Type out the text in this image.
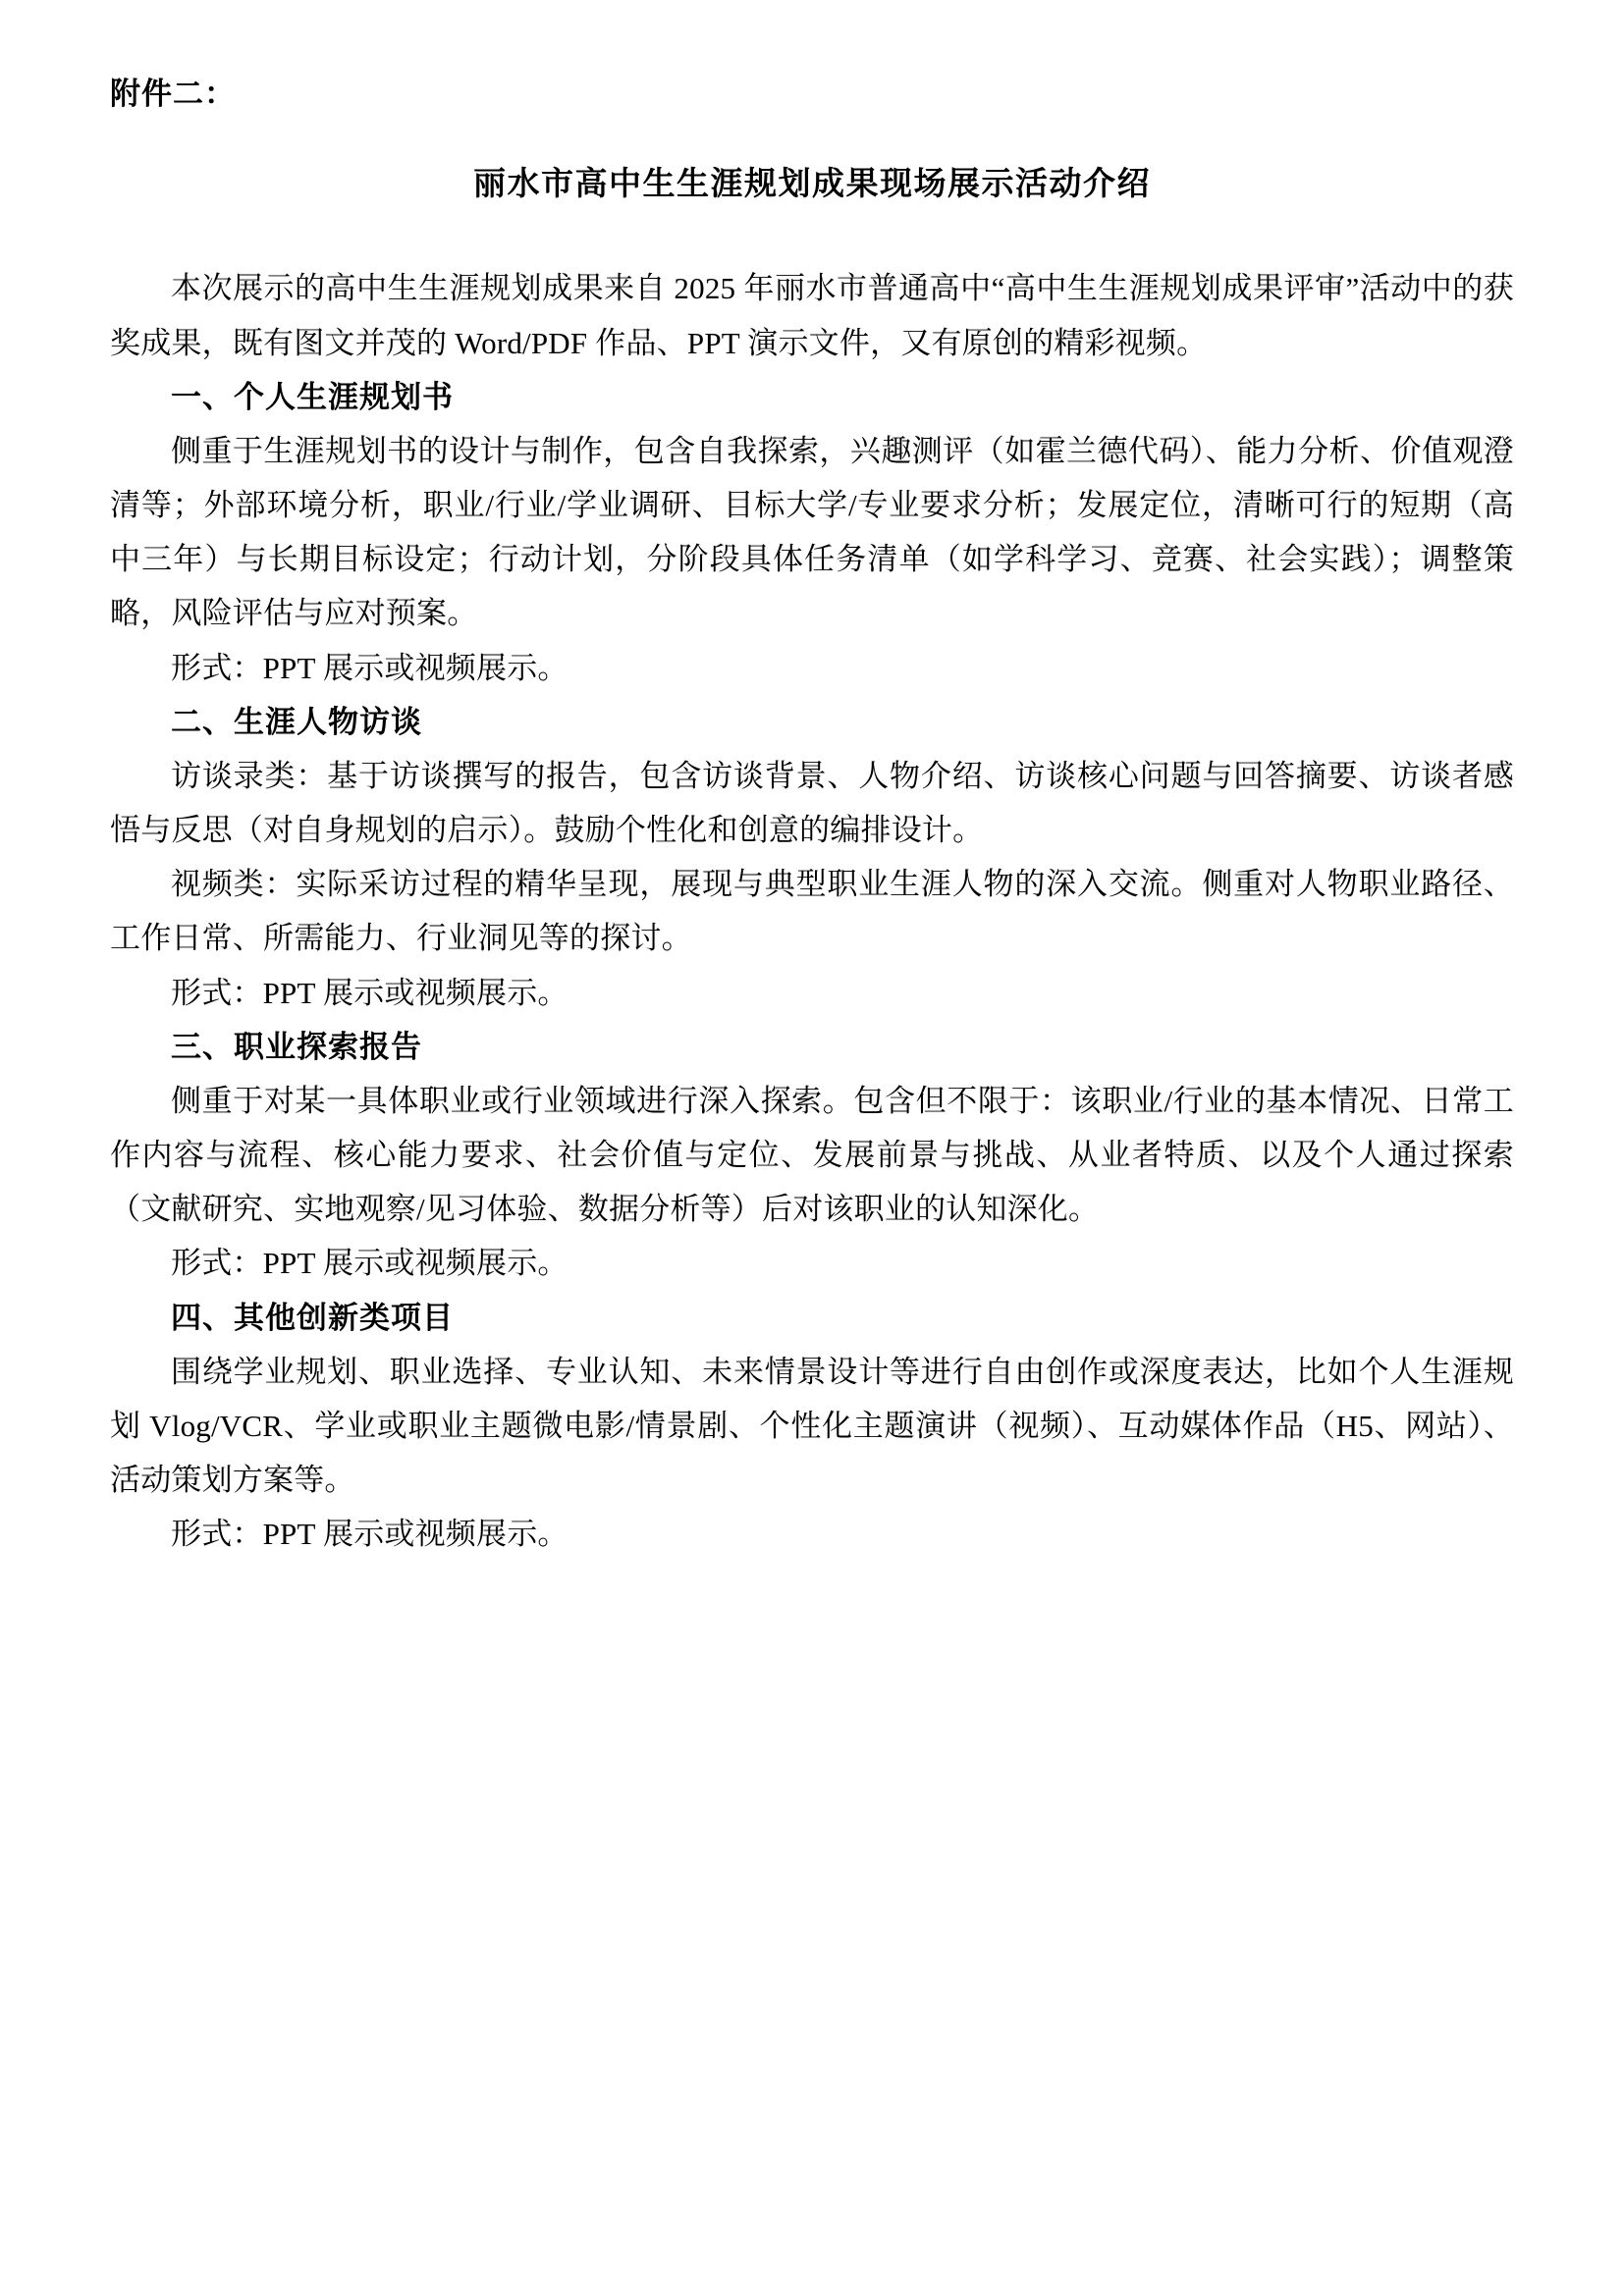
附件二：
丽水市高中生生涯规划成果现场展示活动介绍

本次展示的高中生生涯规划成果来自 2025 年丽水市普通高中“高中生生涯规划成果评审”活动中的获奖成果，既有图文并茂的 Word/PDF 作品、PPT 演示文件，又有原创的精彩视频。

一、个人生涯规划书

侧重于生涯规划书的设计与制作，包含自我探索，兴趣测评（如霍兰德代码）、能力分析、价值观澄清等；外部环境分析，职业/行业/学业调研、目标大学/专业要求分析；发展定位，清晰可行的短期（高中三年）与长期目标设定；行动计划，分阶段具体任务清单（如学科学习、竞赛、社会实践）；调整策略，风险评估与应对预案。

形式：PPT 展示或视频展示。

二、生涯人物访谈

访谈录类：基于访谈撰写的报告，包含访谈背景、人物介绍、访谈核心问题与回答摘要、访谈者感悟与反思（对自身规划的启示）。鼓励个性化和创意的编排设计。

视频类：实际采访过程的精华呈现，展现与典型职业生涯人物的深入交流。侧重对人物职业路径、工作日常、所需能力、行业洞见等的探讨。

形式：PPT 展示或视频展示。

三、职业探索报告

侧重于对某一具体职业或行业领域进行深入探索。包含但不限于：该职业/行业的基本情况、日常工作内容与流程、核心能力要求、社会价值与定位、发展前景与挑战、从业者特质、以及个人通过探索（文献研究、实地观察/见习体验、数据分析等）后对该职业的认知深化。

形式：PPT 展示或视频展示。

四、其他创新类项目

围绕学业规划、职业选择、专业认知、未来情景设计等进行自由创作或深度表达，比如个人生涯规划 Vlog/VCR、学业或职业主题微电影/情景剧、个性化主题演讲（视频）、互动媒体作品（H5、网站）、活动策划方案等。

形式：PPT 展示或视频展示。
